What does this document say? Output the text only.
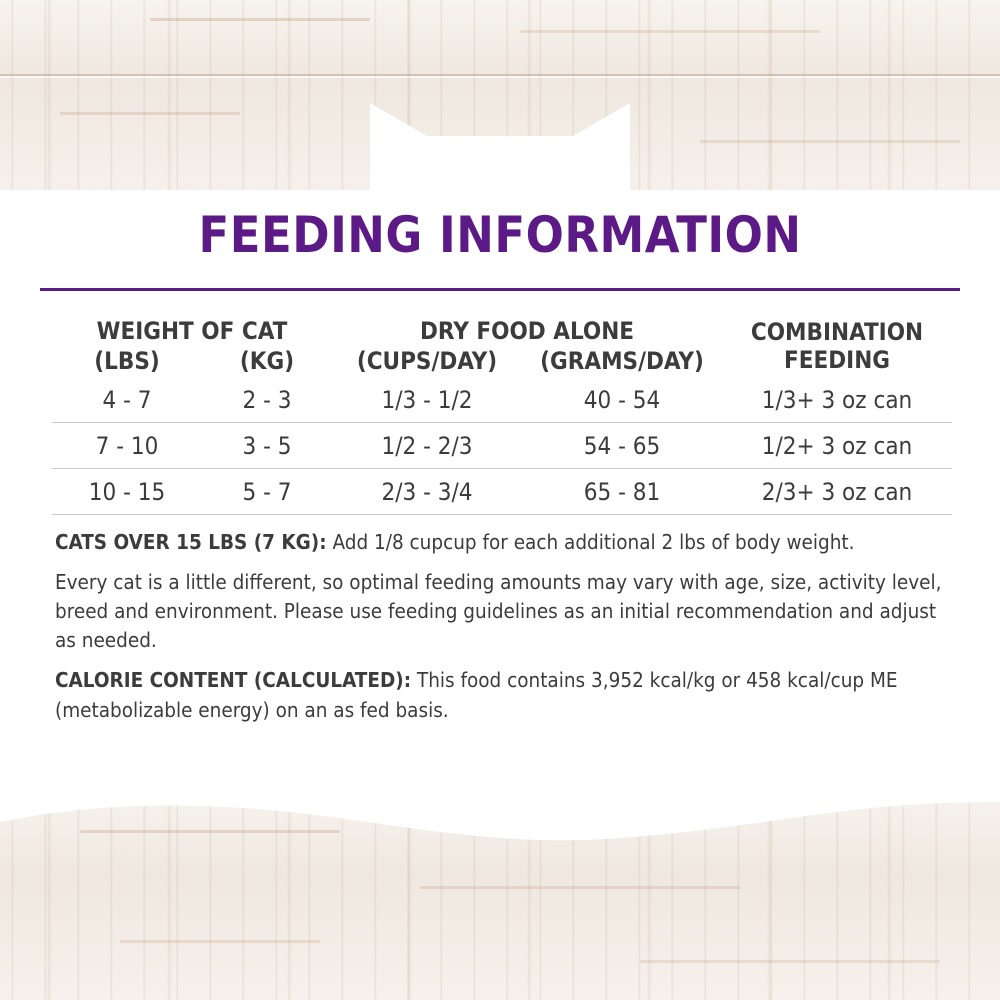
FEEDING INFORMATION
WEIGHT OF CAT		DRY FOOD ALONE		COMBINATION
FEEDING

(LBS)	(KG)	(CUPS/DAY)	(GRAMS/DAY)	
4 - 7	2 - 3	1/3 - 1/2	40 - 54	1/3+ 3 oz can
7 - 10	3 - 5	1/2 - 2/3	54 - 65	1/2+ 3 oz can
10 - 15	5 - 7	2/3 - 3/4	65 - 81	2/3+ 3 oz can

CATS OVER 15 LBS (7 KG): Add 1/8 cupcup for each additional 2 lbs of body weight.

Every cat is a little different, so optimal feeding amounts may vary with age, size, activity level, breed and environment. Please use feeding guidelines as an initial recommendation and adjust as needed.

CALORIE CONTENT (CALCULATED): This food contains 3,952 kcal/kg or 458 kcal/cup ME (metabolizable energy) on an as fed basis.
